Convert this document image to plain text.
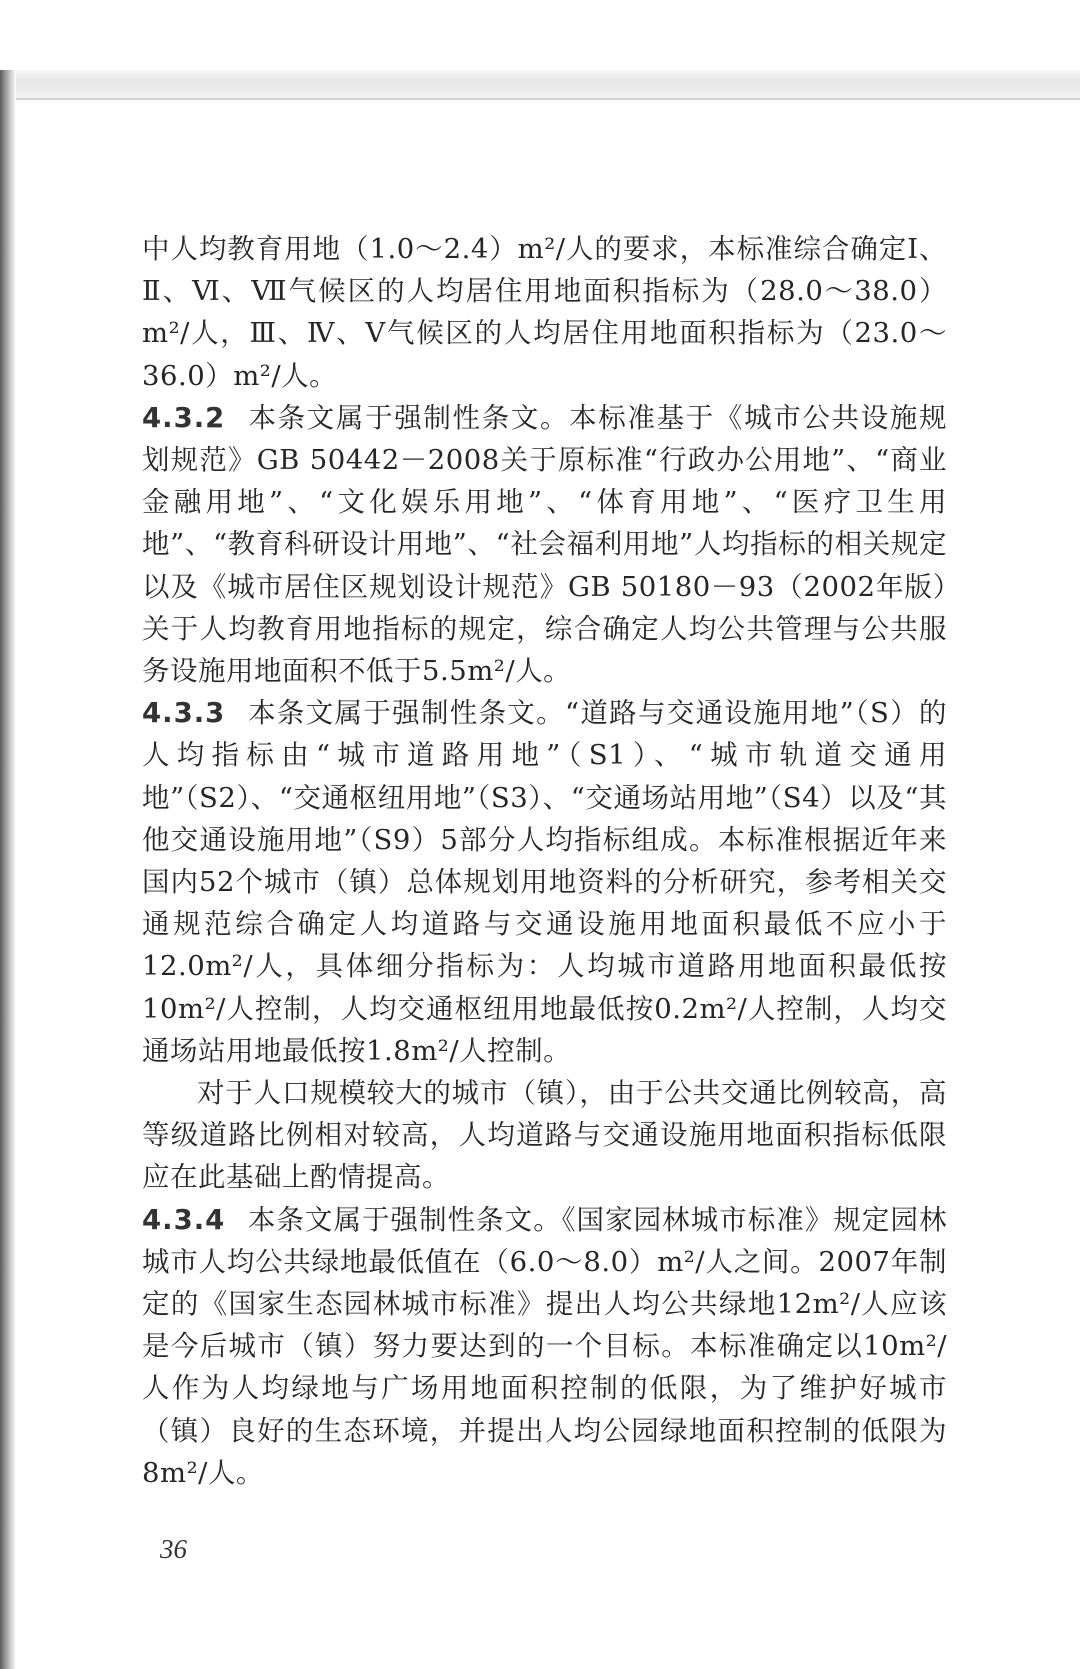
中人均教育用地（1.0～2.4）m²/人的要求，本标准综合确定Ⅰ、Ⅱ、Ⅵ、Ⅶ气候区的人均居住用地面积指标为（28.0～38.0）m²/人，Ⅲ、Ⅳ、Ⅴ气候区的人均居住用地面积指标为（23.0～36.0）m²/人。

4.3.2 本条文属于强制性条文。本标准基于《城市公共设施规划规范》GB 50442－2008关于原标准“行政办公用地”、“商业金融用地”、“文化娱乐用地”、“体育用地”、“医疗卫生用地”、“教育科研设计用地”、“社会福利用地”人均指标的相关规定以及《城市居住区规划设计规范》GB 50180－93（2002年版）关于人均教育用地指标的规定，综合确定人均公共管理与公共服务设施用地面积不低于5.5m²/人。

4.3.3 本条文属于强制性条文。“道路与交通设施用地”（S）的人均指标由“城市道路用地”（S1）、“城市轨道交通用地”（S2）、“交通枢纽用地”（S3）、“交通场站用地”（S4）以及“其他交通设施用地”（S9）5部分人均指标组成。本标准根据近年来国内52个城市（镇）总体规划用地资料的分析研究，参考相关交通规范综合确定人均道路与交通设施用地面积最低不应小于12.0m²/人，具体细分指标为：人均城市道路用地面积最低按10m²/人控制，人均交通枢纽用地最低按0.2m²/人控制，人均交通场站用地最低按1.8m²/人控制。

对于人口规模较大的城市（镇），由于公共交通比例较高，高等级道路比例相对较高，人均道路与交通设施用地面积指标低限应在此基础上酌情提高。

4.3.4 本条文属于强制性条文。《国家园林城市标准》规定园林城市人均公共绿地最低值在（6.0～8.0）m²/人之间。2007年制定的《国家生态园林城市标准》提出人均公共绿地12m²/人应该是今后城市（镇）努力要达到的一个目标。本标准确定以10m²/人作为人均绿地与广场用地面积控制的低限，为了维护好城市（镇）良好的生态环境，并提出人均公园绿地面积控制的低限为8m²/人。

36
